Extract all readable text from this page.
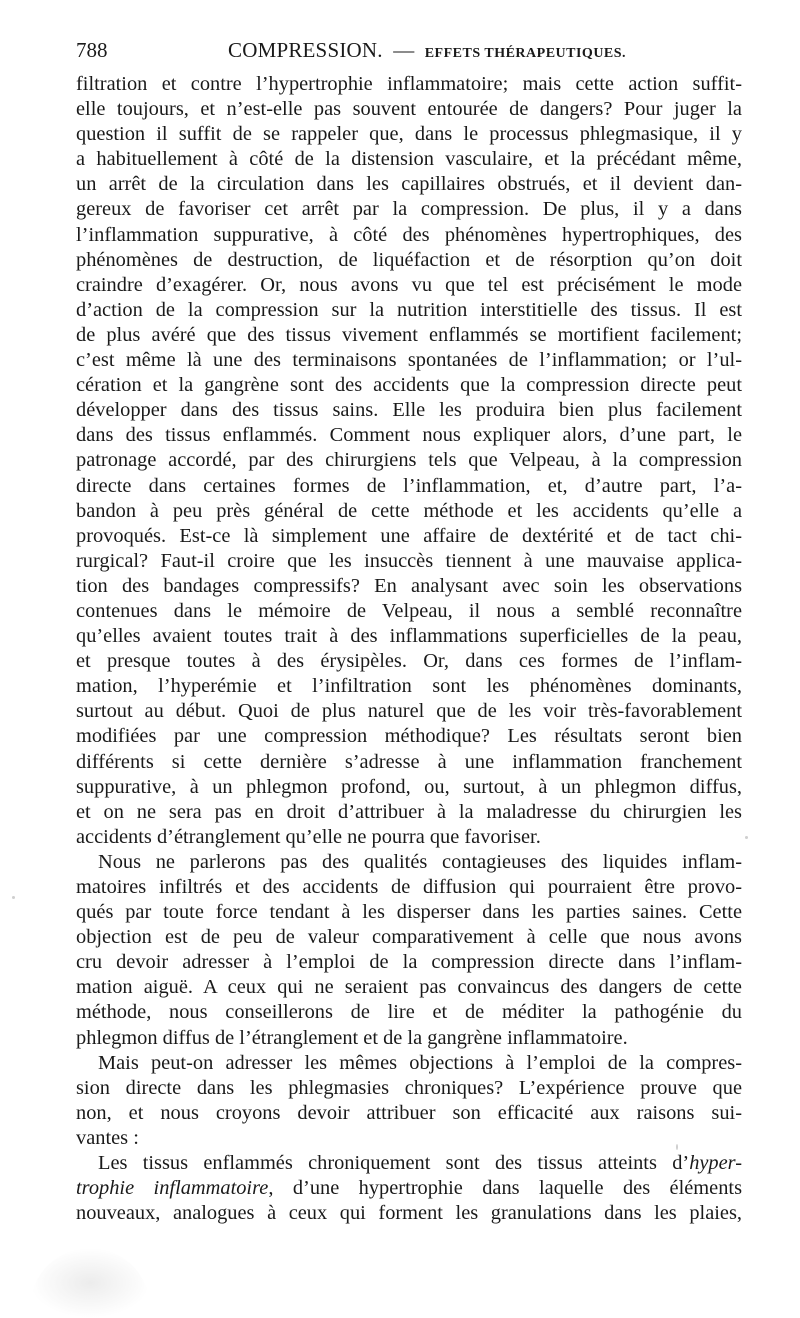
788	COMPRESSION. — EFFETS THÉRAPEUTIQUES.
filtration et contre l’hypertrophie inflammatoire; mais cette action suffit-
elle toujours, et n’est-elle pas souvent entourée de dangers? Pour juger la
question il suffit de se rappeler que, dans le processus phlegmasique, il y
a habituellement à côté de la distension vasculaire, et la précédant même,
un arrêt de la circulation dans les capillaires obstrués, et il devient dan-
gereux de favoriser cet arrêt par la compression. De plus, il y a dans
l’inflammation suppurative, à côté des phénomènes hypertrophiques, des
phénomènes de destruction, de liquéfaction et de résorption qu’on doit
craindre d’exagérer. Or, nous avons vu que tel est précisément le mode
d’action de la compression sur la nutrition interstitielle des tissus. Il est
de plus avéré que des tissus vivement enflammés se mortifient facilement;
c’est même là une des terminaisons spontanées de l’inflammation; or l’ul-
cération et la gangrène sont des accidents que la compression directe peut
développer dans des tissus sains. Elle les produira bien plus facilement
dans des tissus enflammés. Comment nous expliquer alors, d’une part, le
patronage accordé, par des chirurgiens tels que Velpeau, à la compression
directe dans certaines formes de l’inflammation, et, d’autre part, l’a-
bandon à peu près général de cette méthode et les accidents qu’elle a
provoqués. Est-ce là simplement une affaire de dextérité et de tact chi-
rurgical? Faut-il croire que les insuccès tiennent à une mauvaise applica-
tion des bandages compressifs? En analysant avec soin les observations
contenues dans le mémoire de Velpeau, il nous a semblé reconnaître
qu’elles avaient toutes trait à des inflammations superficielles de la peau,
et presque toutes à des érysipèles. Or, dans ces formes de l’inflam-
mation, l’hyperémie et l’infiltration sont les phénomènes dominants,
surtout au début. Quoi de plus naturel que de les voir très-favorablement
modifiées par une compression méthodique? Les résultats seront bien
différents si cette dernière s’adresse à une inflammation franchement
suppurative, à un phlegmon profond, ou, surtout, à un phlegmon diffus,
et on ne sera pas en droit d’attribuer à la maladresse du chirurgien les
accidents d’étranglement qu’elle ne pourra que favoriser.
Nous ne parlerons pas des qualités contagieuses des liquides inflam-
matoires infiltrés et des accidents de diffusion qui pourraient être provo-
qués par toute force tendant à les disperser dans les parties saines. Cette
objection est de peu de valeur comparativement à celle que nous avons
cru devoir adresser à l’emploi de la compression directe dans l’inflam-
mation aiguë. A ceux qui ne seraient pas convaincus des dangers de cette
méthode, nous conseillerons de lire et de méditer la pathogénie du
phlegmon diffus de l’étranglement et de la gangrène inflammatoire.
Mais peut-on adresser les mêmes objections à l’emploi de la compres-
sion directe dans les phlegmasies chroniques? L’expérience prouve que
non, et nous croyons devoir attribuer son efficacité aux raisons sui-
vantes :
Les tissus enflammés chroniquement sont des tissus atteints d’hyper-
trophie inflammatoire, d’une hypertrophie dans laquelle des éléments
nouveaux, analogues à ceux qui forment les granulations dans les plaies,
